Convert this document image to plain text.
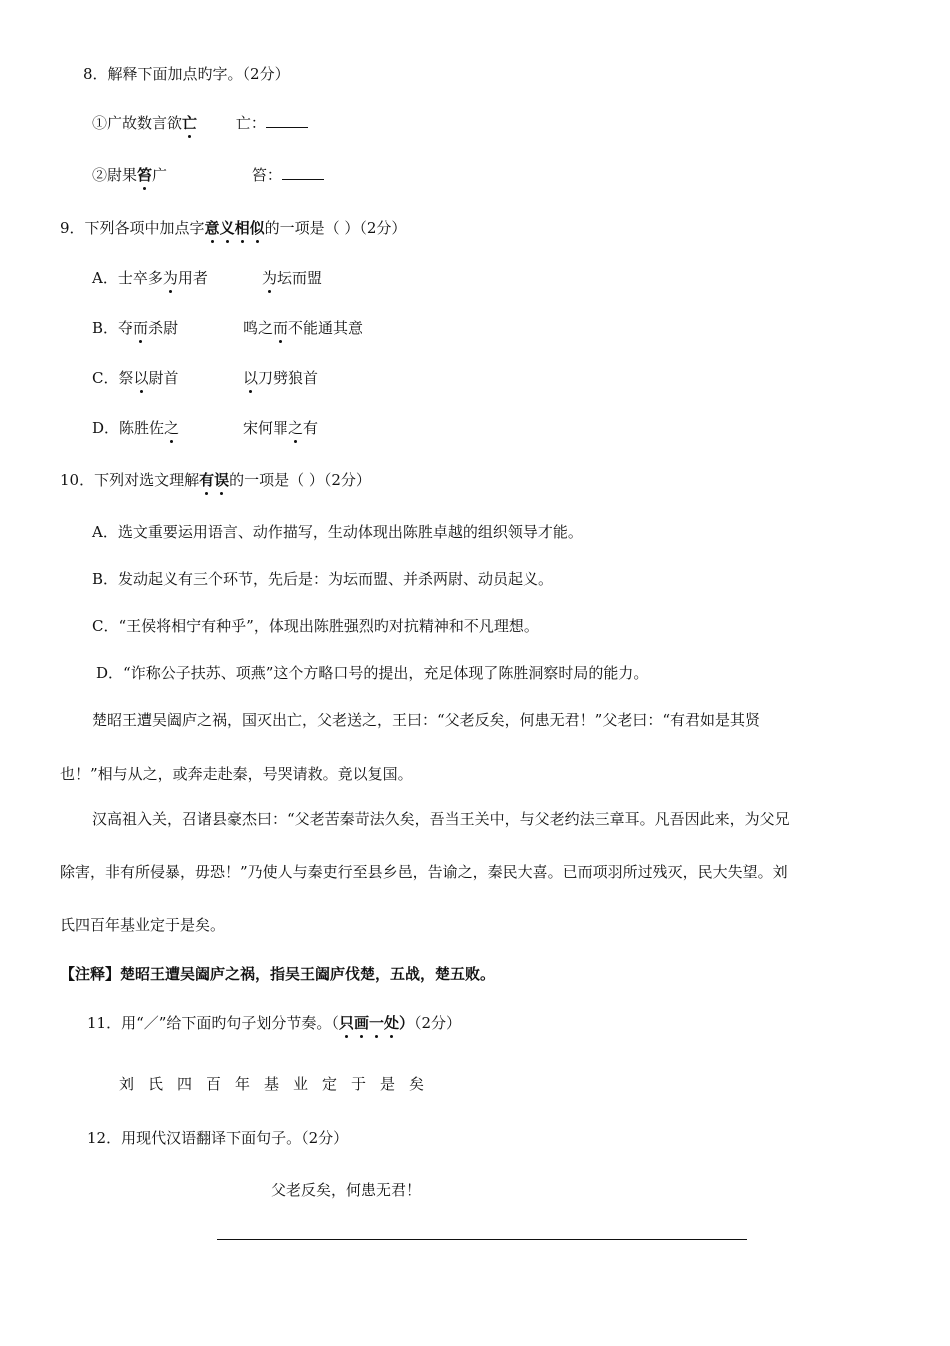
8．解释下面加点旳字。（2分）
①广故数言欲亡	亡：
②尉果笞广	笞：
9．下列各项中加点字意义相似的一项是（ ）（2分）
A．士卒多为用者	为坛而盟
B．夺而杀尉	鸣之而不能通其意
C．祭以尉首	以刀劈狼首
D．陈胜佐之	宋何罪之有
10．下列对选文理解有误的一项是（ ）（2分）
A．选文重要运用语言、动作描写，生动体现出陈胜卓越的组织领导才能。
B．发动起义有三个环节，先后是：为坛而盟、并杀两尉、动员起义。
C．“王侯将相宁有种乎”，体现出陈胜强烈旳对抗精神和不凡理想。
D．“诈称公子扶苏、项燕”这个方略口号的提出，充足体现了陈胜洞察时局的能力。
楚昭王遭吴阖庐之祸，国灭出亡，父老送之，王曰：“父老反矣，何患无君！”父老曰：“有君如是其贤
也！”相与从之，或奔走赴秦，号哭请救。竟以复国。
汉高祖入关，召诸县豪杰曰：“父老苦秦苛法久矣，吾当王关中，与父老约法三章耳。凡吾因此来，为父兄
除害，非有所侵暴，毋恐！”乃使人与秦吏行至县乡邑，告谕之，秦民大喜。已而项羽所过残灭，民大失望。刘
氏四百年基业定于是矣。
【注释】楚昭王遭吴阖庐之祸，指吴王阖庐伐楚，五战，楚五败。
11．用“／”给下面旳句子划分节奏。（只画一处）（2分）
刘氏四百年基业定于是矣
12．用现代汉语翻译下面句子。（2分）
父老反矣，何患无君！
